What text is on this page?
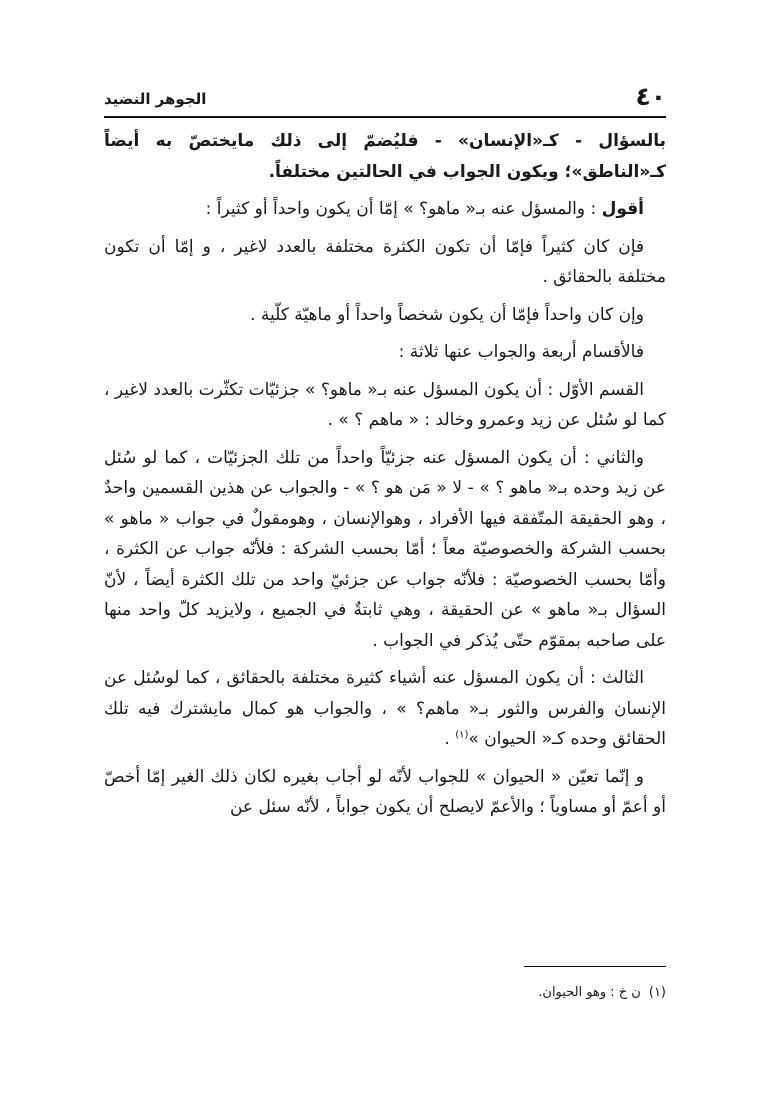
٤٠
الجوهر النضيد

بالسؤال - كـ«الإنسان» - فليُضمّ إلى ذلك مايختصّ به أيضاً كـ«الناطق»؛ ويكون الجواب في الحالتين مختلفاً.

أقول : والمسؤل عنه بـ« ماهو؟ » إمّا أن يكون واحداً أو كثيراً :

فإن كان كثيراً فإمّا أن تكون الكثرة مختلفة بالعدد لاغير ، و إمّا أن تكون مختلفة بالحقائق .

وإن كان واحداً فإمّا أن يكون شخصاً واحداً أو ماهيّة كلّية .

فالأقسام أربعة والجواب عنها ثلاثة :

القسم الأوّل : أن يكون المسؤل عنه بـ« ماهو؟ » جزئيّات تكثّرت بالعدد لاغير ، كما لو سُئل عن زيد وعمرو وخالد : « ماهم ؟ » .

والثاني : أن يكون المسؤل عنه جزئيّاً واحداً من تلك الجزئيّات ، كما لو سُئل عن زيد وحده بـ« ماهو ؟ » - لا « مَن هو ؟ » - والجواب عن هذين القسمين واحدٌ ، وهو الحقيقة المتّفقة فيها الأفراد ، وهوالإنسان ، وهومقولٌ في جواب « ماهو » بحسب الشركة والخصوصيّة معاً ؛ أمّا بحسب الشركة : فلأنّه جواب عن الكثرة ، وأمّا بحسب الخصوصيّة : فلأنّه جواب عن جزئيّ واحد من تلك الكثرة أيضاً ، لأنّ السؤال بـ« ماهو » عن الحقيقة ، وهي ثابتةٌ في الجميع ، ولايزيد كلّ واحد منها على صاحبه بمقوّم حتّى يُذكر في الجواب .

الثالث : أن يكون المسؤل عنه أشياء كثيرة مختلفة بالحقائق ، كما لوسُئل عن الإنسان والفرس والثور بـ« ماهم؟ » ، والجواب هو كمال مايشترك فيه تلك الحقائق وحده كـ« الحيوان »$^{(١)}$ .

و إنّما تعيّن « الحيوان » للجواب لأنّه لو أجاب بغيره لكان ذلك الغير إمّا أخصّ أو أعمّ أو مساوياً ؛ والأعمّ لايصلح أن يكون جواباً ، لأنّه سئل عن

(١)ن خ : وهو الحيوان.
